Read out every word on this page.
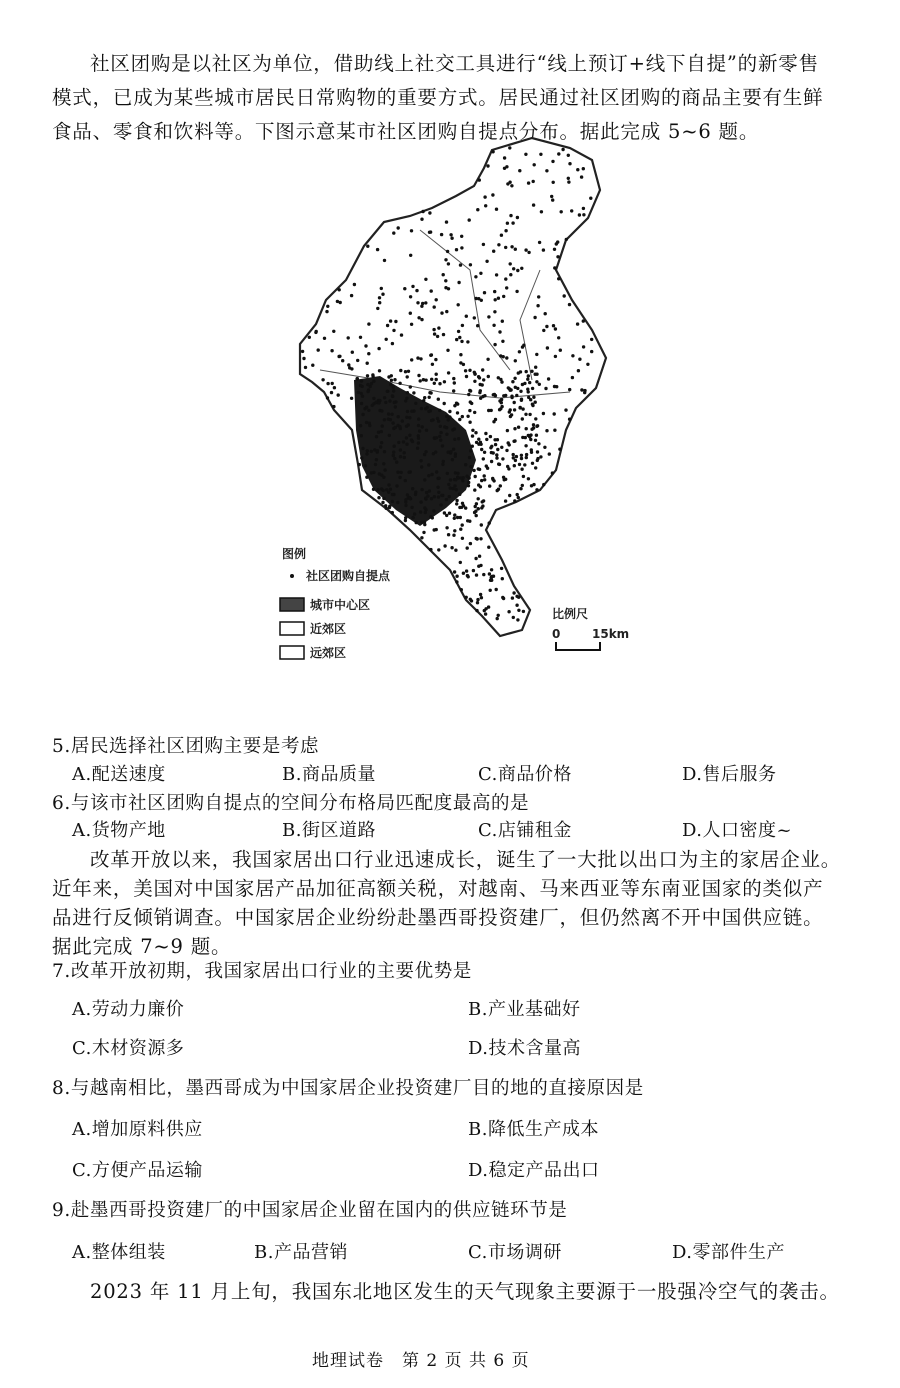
社区团购是以社区为单位，借助线上社交工具进行“线上预订+线下自提”的新零售
模式，已成为某些城市居民日常购物的重要方式。居民通过社区团购的商品主要有生鲜
食品、零食和饮料等。下图示意某市社区团购自提点分布。据此完成 5~6 题。
图例
社区团购自提点
城市中心区
近郊区
远郊区
比例尺
0	15km
5.居民选择社区团购主要是考虑
A.配送速度	B.商品质量	C.商品价格	D.售后服务
6.与该市社区团购自提点的空间分布格局匹配度最高的是
A.货物产地	B.街区道路	C.店铺租金	D.人口密度~
改革开放以来，我国家居出口行业迅速成长，诞生了一大批以出口为主的家居企业。
近年来，美国对中国家居产品加征高额关税，对越南、马来西亚等东南亚国家的类似产
品进行反倾销调查。中国家居企业纷纷赴墨西哥投资建厂，但仍然离不开中国供应链。
据此完成 7~9 题。
7.改革开放初期，我国家居出口行业的主要优势是
A.劳动力廉价	B.产业基础好
C.木材资源多	D.技术含量高
8.与越南相比，墨西哥成为中国家居企业投资建厂目的地的直接原因是
A.增加原料供应	B.降低生产成本
C.方便产品运输	D.稳定产品出口
9.赴墨西哥投资建厂的中国家居企业留在国内的供应链环节是
A.整体组装	B.产品营销	C.市场调研	D.零部件生产
2023 年 11 月上旬，我国东北地区发生的天气现象主要源于一股强冷空气的袭击。
地理试卷　第 2 页 共 6 页
